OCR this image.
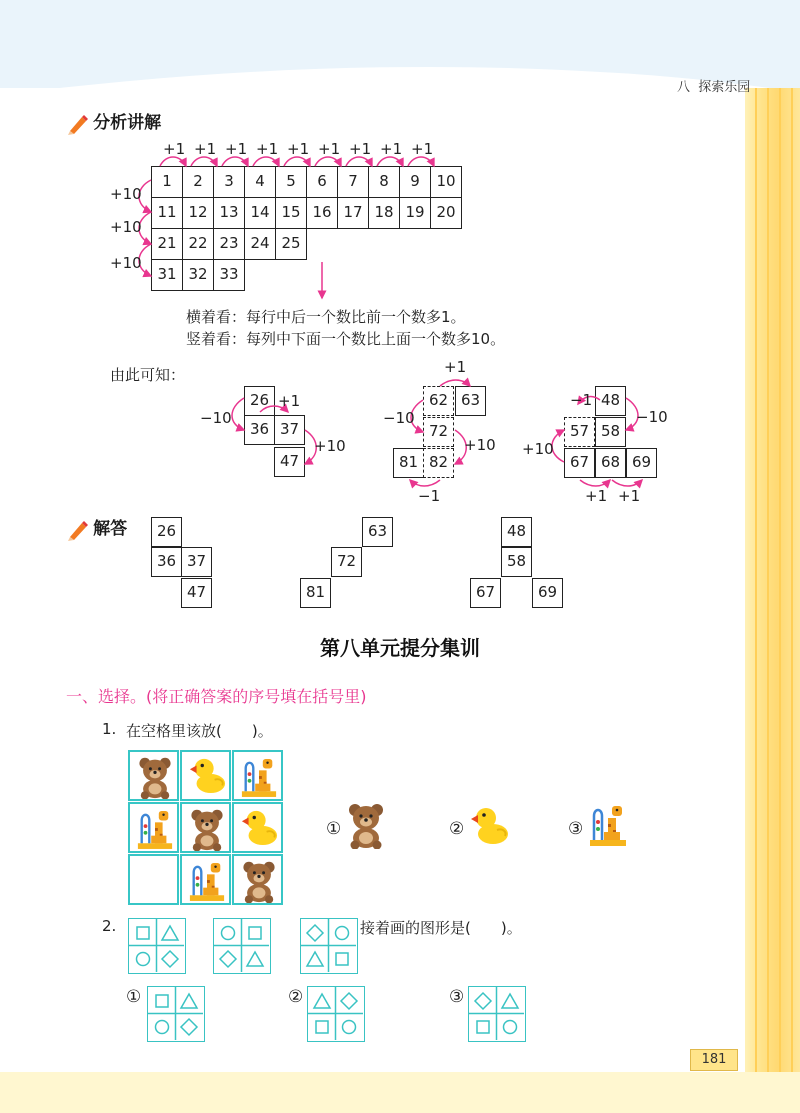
八 探索乐园
分析讲解
1	2	3	4	5	6	7	8	9	10
11 12 13 14 15 16 17 18 19 20
21 22 23 24 25
31 32 33
+1 +1 +1 +1 +1 +1 +1 +1 +1
+10
+10
+10
横着看：每行中后一个数比前一个数多1。
竖着看：每列中下面一个数比上面一个数多10。
由此可知：
26
36 37
47
62 63
72
81 82
48
57 58
67 68 69
−10
+1
+10
+1
−10
+10
−1
−1
−10
+10
+1 +1
解答	26
36 37
47
63
72
81
48
58
67	69
第八单元提分集训
一、选择。(将正确答案的序号填在括号里)
1. 在空格里该放(　　)。
①	②	③
2.	接着画的图形是(　　)。
①	②	③
181
